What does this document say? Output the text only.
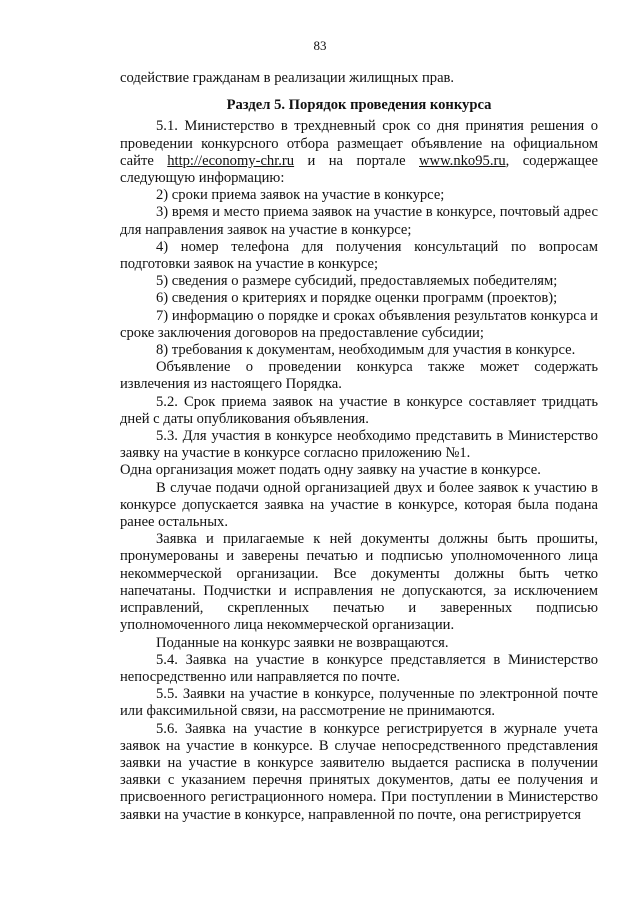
83

содействие гражданам в реализации жилищных прав.

Раздел 5. Порядок проведения конкурса

5.1. Министерство в трехдневный срок со дня принятия решения о проведении конкурсного отбора размещает объявление на официальном сайте http://economy-chr.ru и на портале www.nko95.ru, содержащее следующую информацию:

2) сроки приема заявок на участие в конкурсе;

3) время и место приема заявок на участие в конкурсе, почтовый адрес для направления заявок на участие в конкурсе;

4) номер телефона для получения консультаций по вопросам подготовки заявок на участие в конкурсе;

5) сведения о размере субсидий, предоставляемых победителям;

6) сведения о критериях и порядке оценки программ (проектов);

7) информацию о порядке и сроках объявления результатов конкурса и сроке заключения договоров на предоставление субсидии;

8) требования к документам, необходимым для участия в конкурсе.

Объявление о проведении конкурса также может содержать извлечения из настоящего Порядка.

5.2. Срок приема заявок на участие в конкурсе составляет тридцать дней с даты опубликования объявления.

5.3. Для участия в конкурсе необходимо представить в Министерство заявку на участие в конкурсе согласно приложению №1.

Одна организация может подать одну заявку на участие в конкурсе.

В случае подачи одной организацией двух и более заявок к участию в конкурсе допускается заявка на участие в конкурсе, которая была подана ранее остальных.

Заявка и прилагаемые к ней документы должны быть прошиты, пронумерованы и заверены печатью и подписью уполномоченного лица некоммерческой организации. Все документы должны быть четко напечатаны. Подчистки и исправления не допускаются, за исключением исправлений, скрепленных печатью и заверенных подписью уполномоченного лица некоммерческой организации.

Поданные на конкурс заявки не возвращаются.

5.4. Заявка на участие в конкурсе представляется в Министерство непосредственно или направляется по почте.

5.5. Заявки на участие в конкурсе, полученные по электронной почте или факсимильной связи, на рассмотрение не принимаются.

5.6. Заявка на участие в конкурсе регистрируется в журнале учета заявок на участие в конкурсе. В случае непосредственного представления заявки на участие в конкурсе заявителю выдается расписка в получении заявки с указанием перечня принятых документов, даты ее получения и присвоенного регистрационного номера. При поступлении в Министерство заявки на участие в конкурсе, направленной по почте, она регистрируется
